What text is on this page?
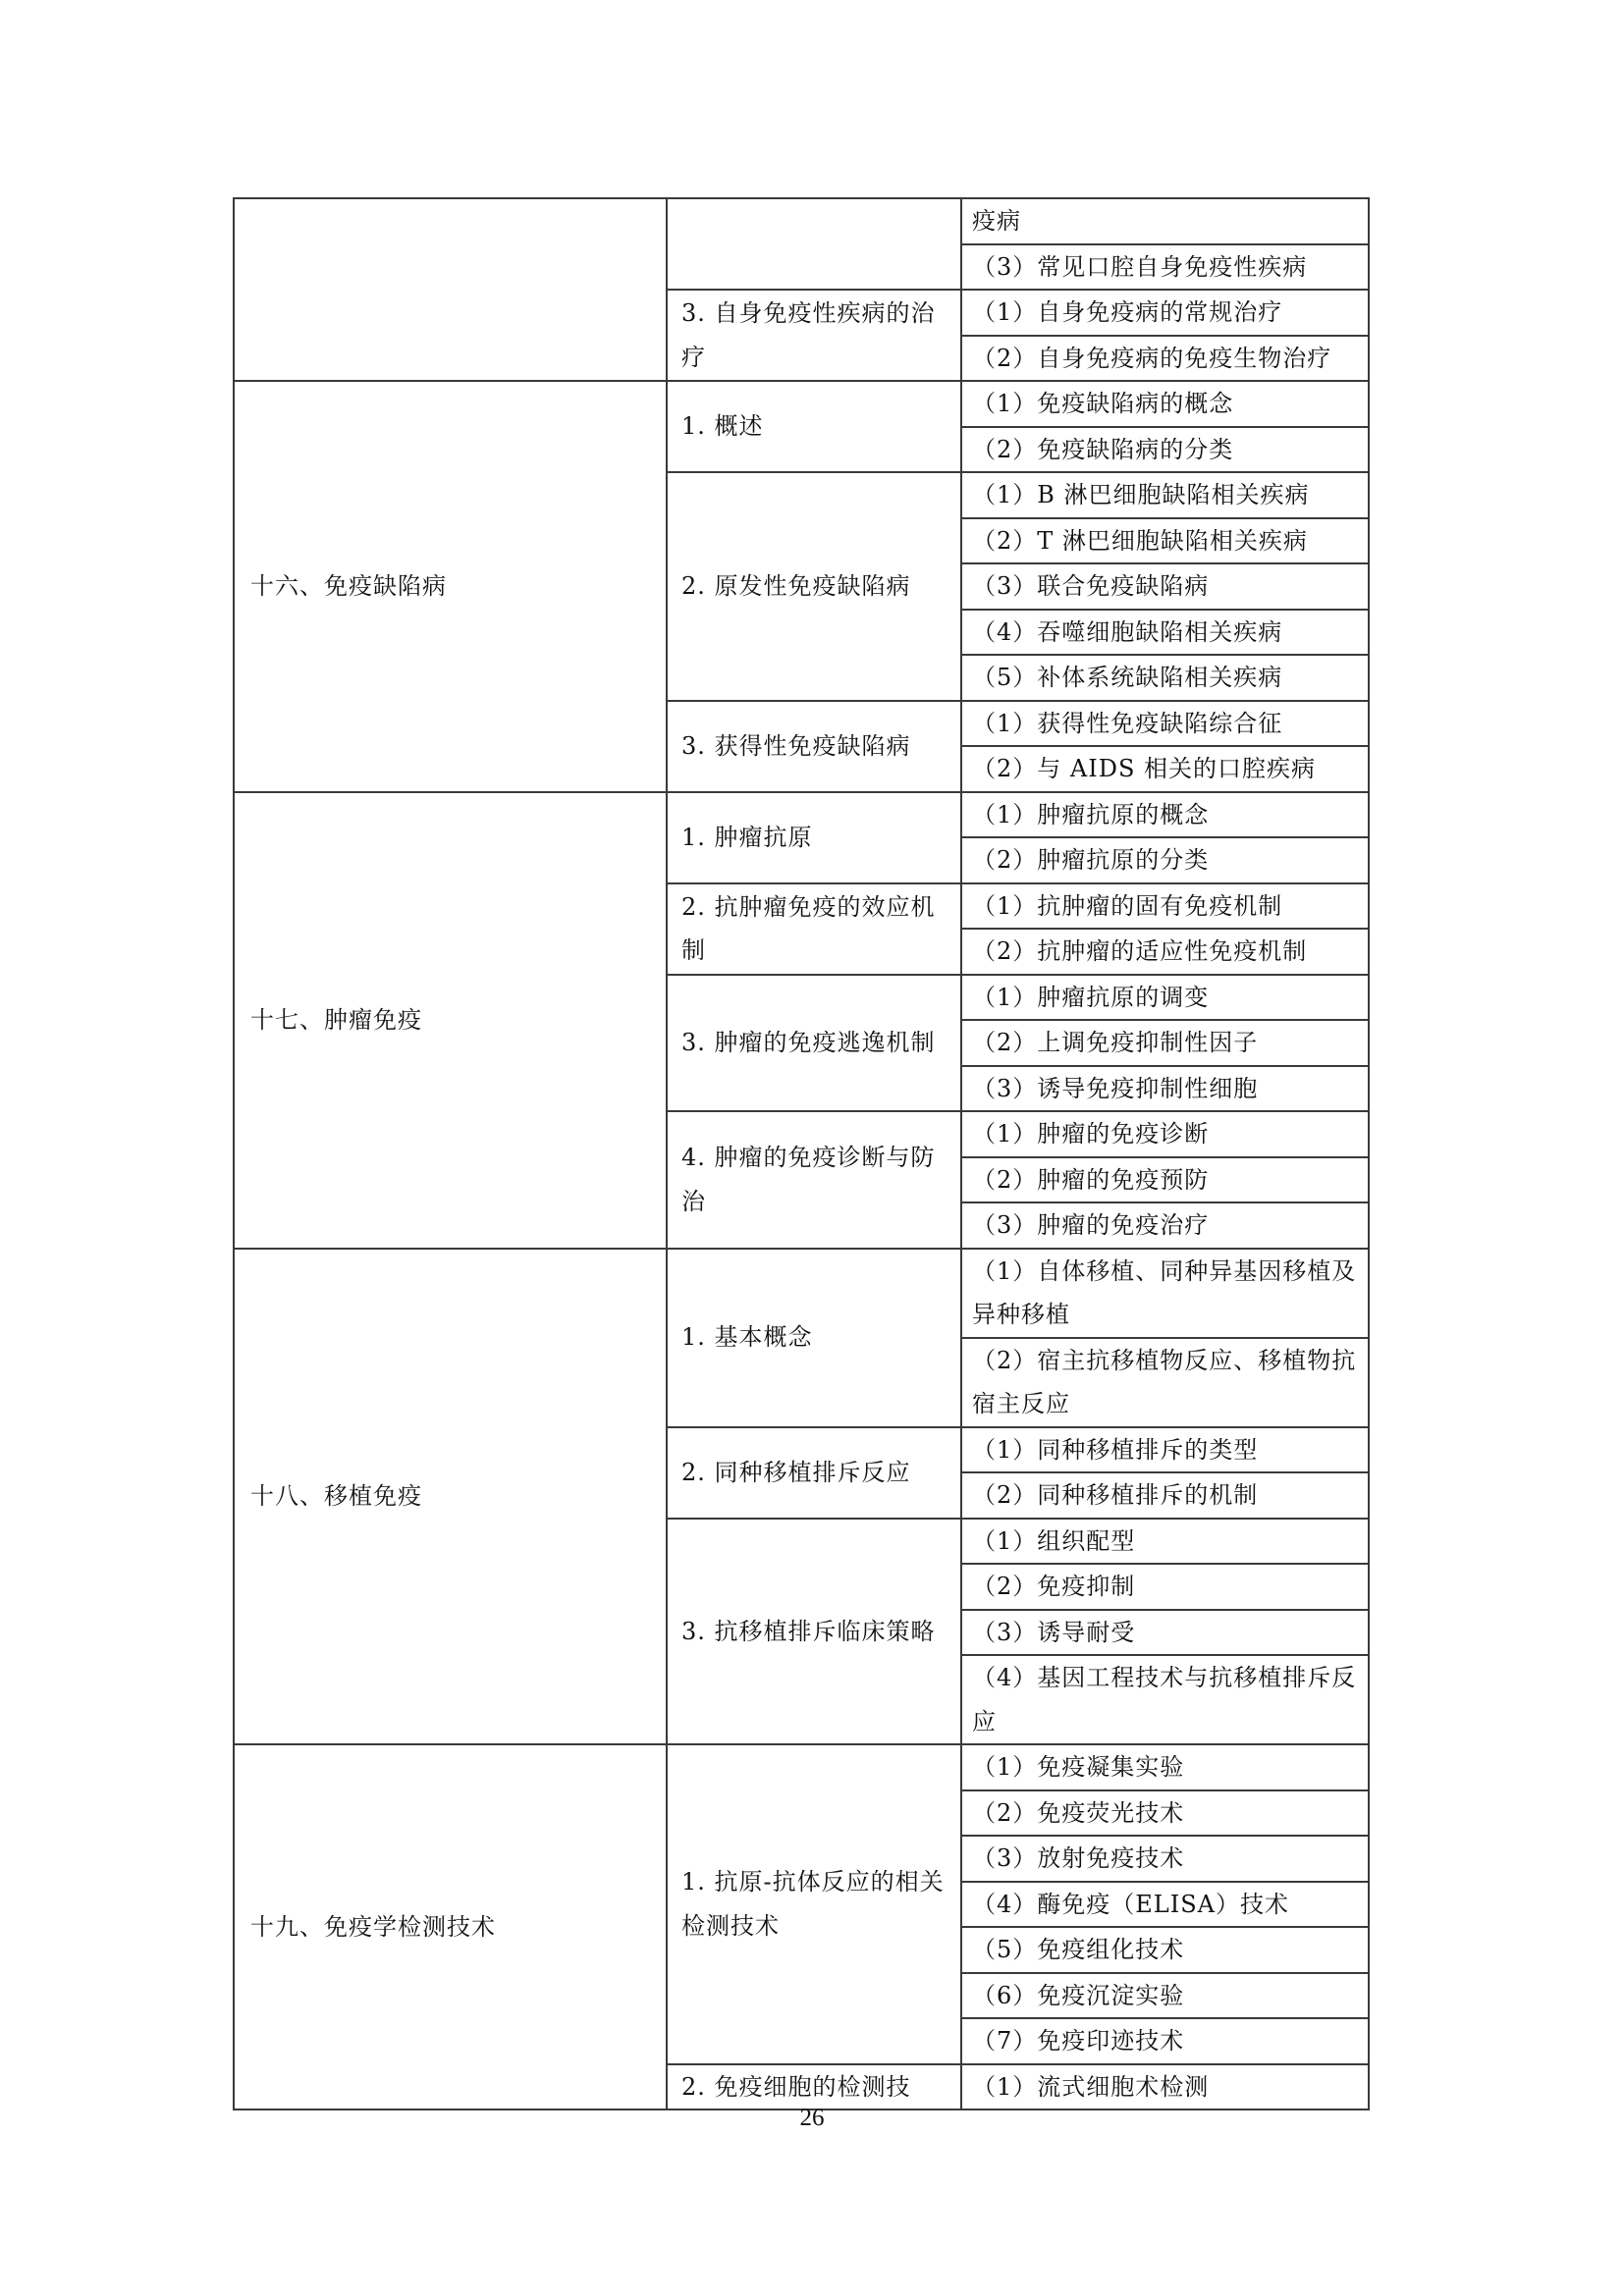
		疫病
		（3）常见口腔自身免疫性疾病
	3. 自身免疫性疾病的治疗	（1）自身免疫病的常规治疗
		（2）自身免疫病的免疫生物治疗
十六、免疫缺陷病	1. 概述	（1）免疫缺陷病的概念
		（2）免疫缺陷病的分类
	2. 原发性免疫缺陷病	（1）B 淋巴细胞缺陷相关疾病
		（2）T 淋巴细胞缺陷相关疾病
		（3）联合免疫缺陷病
		（4）吞噬细胞缺陷相关疾病
		（5）补体系统缺陷相关疾病
	3. 获得性免疫缺陷病	（1）获得性免疫缺陷综合征
		（2）与 AIDS 相关的口腔疾病
十七、肿瘤免疫	1. 肿瘤抗原	（1）肿瘤抗原的概念
		（2）肿瘤抗原的分类
	2. 抗肿瘤免疫的效应机制	（1）抗肿瘤的固有免疫机制
		（2）抗肿瘤的适应性免疫机制
	3. 肿瘤的免疫逃逸机制	（1）肿瘤抗原的调变
		（2）上调免疫抑制性因子
		（3）诱导免疫抑制性细胞
	4. 肿瘤的免疫诊断与防治	（1）肿瘤的免疫诊断
		（2）肿瘤的免疫预防
		（3）肿瘤的免疫治疗
十八、移植免疫	1. 基本概念	（1）自体移植、同种异基因移植及异种移植
		（2）宿主抗移植物反应、移植物抗宿主反应
	2. 同种移植排斥反应	（1）同种移植排斥的类型
		（2）同种移植排斥的机制
	3. 抗移植排斥临床策略	（1）组织配型
		（2）免疫抑制
		（3）诱导耐受
		（4）基因工程技术与抗移植排斥反应
十九、免疫学检测技术	1. 抗原-抗体反应的相关检测技术	（1）免疫凝集实验
		（2）免疫荧光技术
		（3）放射免疫技术
		（4）酶免疫（ELISA）技术
		（5）免疫组化技术
		（6）免疫沉淀实验
		（7）免疫印迹技术
	2. 免疫细胞的检测技	（1）流式细胞术检测
26
